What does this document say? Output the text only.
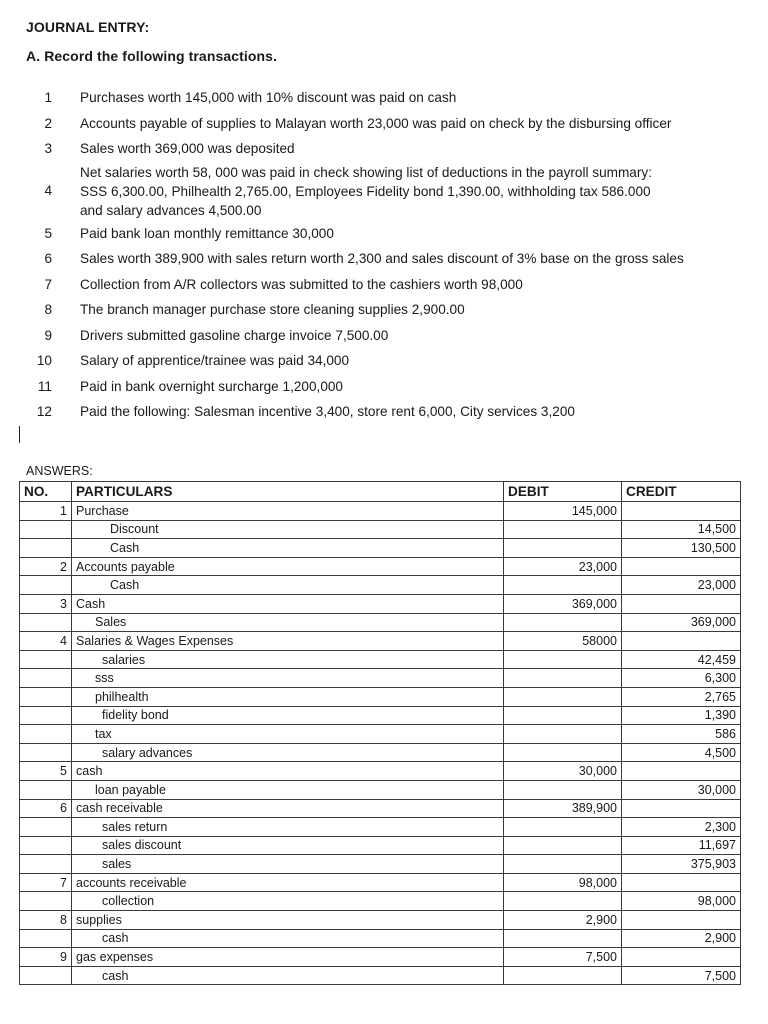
JOURNAL ENTRY:
A. Record the following transactions.
1 Purchases worth 145,000 with 10% discount was paid on cash
2 Accounts payable of supplies to Malayan worth 23,000 was paid on check by the disbursing officer
3 Sales worth 369,000 was deposited
4
Net salaries worth 58, 000 was paid in check showing list of deductions in the payroll summary:
SSS 6,300.00, Philhealth 2,765.00, Employees Fidelity bond 1,390.00, withholding tax 586.000
and salary advances 4,500.00
5 Paid bank loan monthly remittance 30,000
6 Sales worth 389,900 with sales return worth 2,300 and sales discount of 3% base on the gross sales
7 Collection from A/R collectors was submitted to the cashiers worth 98,000
8 The branch manager purchase store cleaning supplies 2,900.00
9 Drivers submitted gasoline charge invoice 7,500.00
10 Salary of apprentice/trainee was paid 34,000
11 Paid in bank overnight surcharge 1,200,000
12 Paid the following: Salesman incentive 3,400, store rent 6,000, City services 3,200
ANSWERS:
NO.	PARTICULARS	DEBIT	CREDIT
1	Purchase	145,000	
	Discount		14,500
	Cash		130,500
2	Accounts payable	23,000	
	Cash		23,000
3	Cash	369,000	
	Sales		369,000
4	Salaries & Wages Expenses	58000	
	salaries		42,459
	sss		6,300
	philhealth		2,765
	fidelity bond		1,390
	tax		586
	salary advances		4,500
5	cash	30,000	
	loan payable		30,000
6	cash receivable	389,900	
	sales return		2,300
	sales discount		11,697
	sales		375,903
7	accounts receivable	98,000	
	collection		98,000
8	supplies	2,900	
	cash		2,900
9	gas expenses	7,500	
	cash		7,500
